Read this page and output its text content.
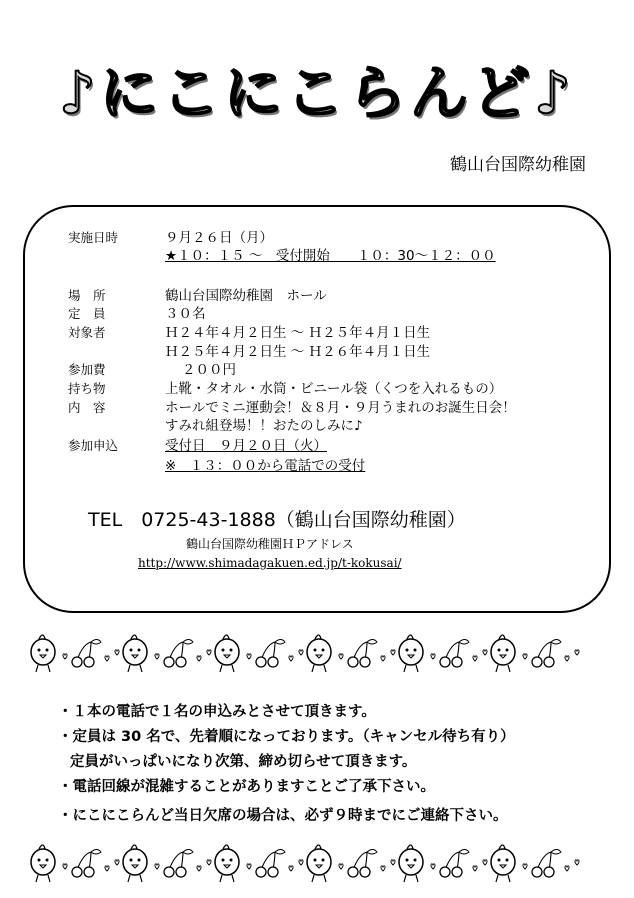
♪にこにこらんど♪
鶴山台国際幼稚園
実施日時	９月２６日（月）
★１０：１５ ～　受付開始　　１０：30～１２：００
場　所	鶴山台国際幼稚園　ホール
定　員	３０名
対象者	Ｈ２４年４月２日生 ～ Ｈ２５年４月１日生
Ｈ２５年４月２日生 ～ Ｈ２６年４月１日生
参加費	２００円
持ち物	上靴・タオル・水筒・ビニール袋（くつを入れるもの）
内　容	ホールでミニ運動会！＆８月・９月うまれのお誕生日会！
すみれ組登場！！おたのしみに♪
参加申込	受付日　９月２０日（火）
※　１３：００から電話での受付
TEL　0725-43-1888（鶴山台国際幼稚園）
鶴山台国際幼稚園ＨＰアドレス
http://www.shimadagakuen.ed.jp/t-kokusai/
・１本の電話で１名の申込みとさせて頂きます。
・定員は 30 名で、先着順になっております。（キャンセル待ち有り）
定員がいっぱいになり次第、締め切らせて頂きます。
・電話回線が混雑することがありますことご了承下さい。
・にこにこらんど当日欠席の場合は、必ず９時までにご連絡下さい。
